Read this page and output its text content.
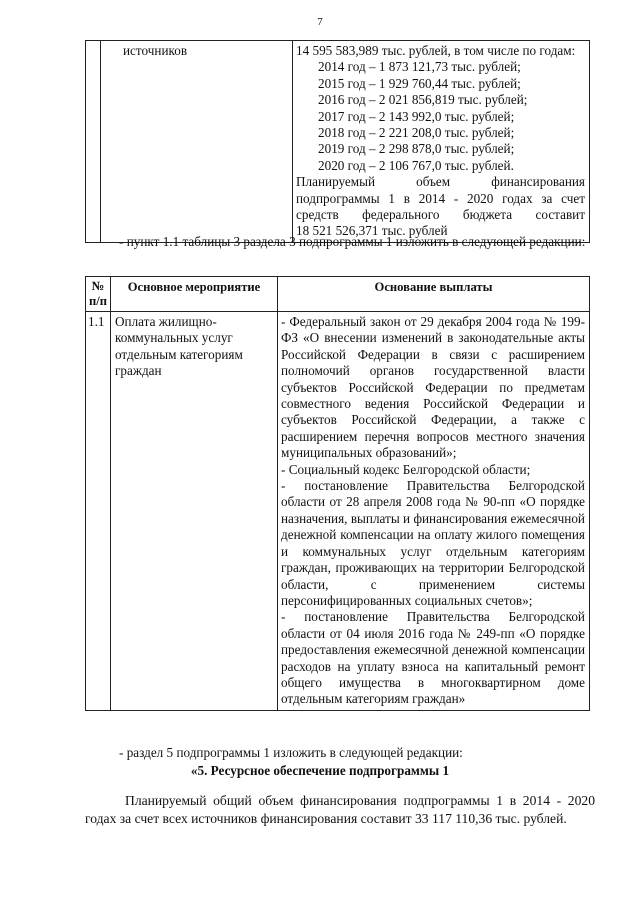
7
	источников	14 595 583,989 тыс. рублей, в том числе по годам:
2014 год – 1 873 121,73 тыс. рублей;
2015 год – 1 929 760,44 тыс. рублей;
2016 год – 2 021 856,819 тыс. рублей;
2017 год – 2 143 992,0 тыс. рублей;
2018 год – 2 221 208,0 тыс. рублей;
2019 год – 2 298 878,0 тыс. рублей;
2020 год – 2 106 767,0 тыс. рублей.
Планируемый объем финансирования
подпрограммы 1 в 2014 - 2020 годах за счет
средств федерального бюджета составит
18 521 526,371 тыс. рублей
- пункт 1.1 таблицы 3 раздела 3 подпрограммы 1 изложить в следующей редакции:
№ п/п	Основное мероприятие	Основание выплаты
1.1	Оплата жилищно-коммунальных услуг отдельным категориям граждан	- Федеральный закон от 29 декабря 2004 года № 199-ФЗ «О внесении изменений в законодательные акты Российской Федерации в связи с расширением полномочий органов государственной власти субъектов Российской Федерации по предметам совместного ведения Российской Федерации и субъектов Российской Федерации, а также с расширением перечня вопросов местного значения муниципальных образований»;

- Социальный кодекс Белгородской области;

- постановление Правительства Белгородской области от 28 апреля 2008 года № 90-пп «О порядке назначения, выплаты и финансирования ежемесячной денежной компенсации на оплату жилого помещения и коммунальных услуг отдельным категориям граждан, проживающих на территории Белгородской области, с применением системы персонифицированных социальных счетов»;

- постановление Правительства Белгородской области от 04 июля 2016 года № 249-пп «О порядке предоставления ежемесячной денежной компенсации расходов на уплату взноса на капитальный ремонт общего имущества в многоквартирном доме отдельным категориям граждан»

- раздел 5 подпрограммы 1 изложить в следующей редакции:
«5. Ресурсное обеспечение подпрограммы 1
Планируемый общий объем финансирования подпрограммы 1 в 2014 - 2020 годах за счет всех источников финансирования составит 33 117 110,36 тыс. рублей.
